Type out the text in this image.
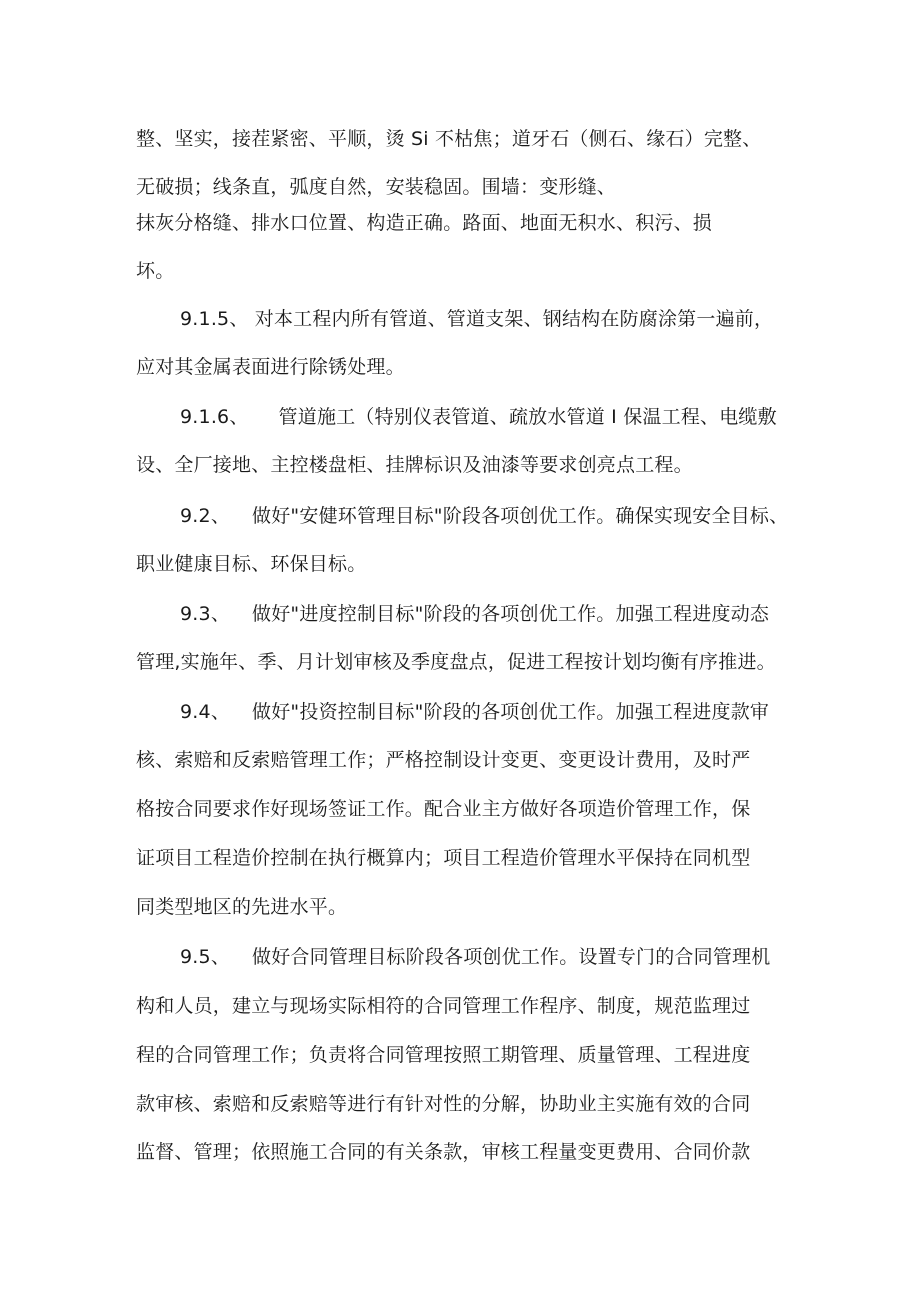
整、坚实，接茬紧密、平顺，烫 Si 不枯焦；道牙石（侧石、缘石）完整、
无破损；线条直，弧度自然，安装稳固。围墙：变形缝、
抹灰分格缝、排水口位置、构造正确。路面、地面无积水、积污、损
坏。
9.1.5、 对本工程内所有管道、管道支架、钢结构在防腐涂第一遍前，
应对其金属表面进行除锈处理。
9.1.6、 管道施工（特别仪表管道、疏放水管道 I 保温工程、电缆敷
设、全厂接地、主控楼盘柜、挂牌标识及油漆等要求创亮点工程。
9.2、 做好"安健环管理目标"阶段各项创优工作。确保实现安全目标、
职业健康目标、环保目标。
9.3、 做好"进度控制目标"阶段的各项创优工作。加强工程进度动态
管理,实施年、季、月计划审核及季度盘点，促进工程按计划均衡有序推进。
9.4、 做好"投资控制目标"阶段的各项创优工作。加强工程进度款审
核、索赔和反索赔管理工作；严格控制设计变更、变更设计费用，及时严
格按合同要求作好现场签证工作。配合业主方做好各项造价管理工作，保
证项目工程造价控制在执行概算内；项目工程造价管理水平保持在同机型
同类型地区的先进水平。
9.5、 做好合同管理目标阶段各项创优工作。设置专门的合同管理机
构和人员，建立与现场实际相符的合同管理工作程序、制度，规范监理过
程的合同管理工作；负责将合同管理按照工期管理、质量管理、工程进度
款审核、索赔和反索赔等进行有针对性的分解，协助业主实施有效的合同
监督、管理；依照施工合同的有关条款，审核工程量变更费用、合同价款
